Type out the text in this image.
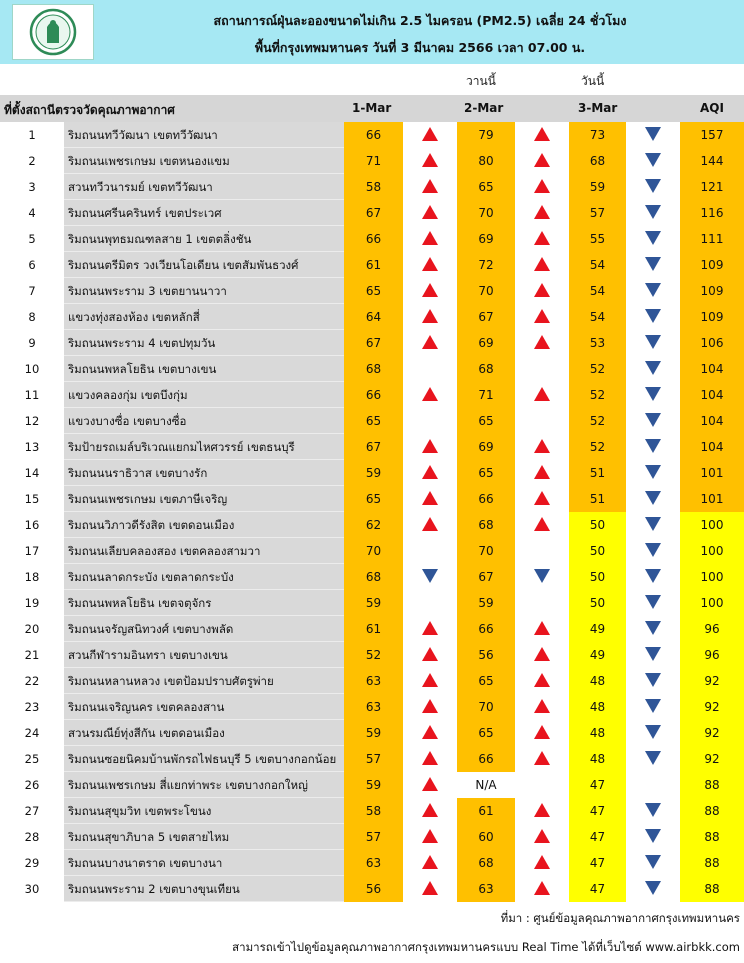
สถานการณ์ฝุ่นละอองขนาดไม่เกิน 2.5 ไมครอน (PM2.5) เฉลี่ย 24 ชั่วโมง
พื้นที่กรุงเทพมหานคร วันที่ 3 มีนาคม 2566 เวลา 07.00 น.
วานนี้	วันนี้
ที่ตั้งสถานีตรวจวัดคุณภาพอากาศ	1-Mar	2-Mar	3-Mar	AQI
1	ริมถนนทวีวัฒนา เขตทวีวัฒนา	66	79	73	157
2	ริมถนนเพชรเกษม เขตหนองแขม	71	80	68	144
3	สวนทวีวนารมย์ เขตทวีวัฒนา	58	65	59	121
4	ริมถนนศรีนครินทร์ เขตประเวศ	67	70	57	116
5	ริมถนนพุทธมณฑลสาย 1 เขตตลิ่งชัน	66	69	55	111
6	ริมถนนตรีมิตร วงเวียนโอเดียน เขตสัมพันธวงศ์	61	72	54	109
7	ริมถนนพระราม 3 เขตยานนาวา	65	70	54	109
8	แขวงทุ่งสองห้อง เขตหลักสี่	64	67	54	109
9	ริมถนนพระราม 4 เขตปทุมวัน	67	69	53	106
10	ริมถนนพหลโยธิน เขตบางเขน	68	68	52	104
11	แขวงคลองกุ่ม เขตบึงกุ่ม	66	71	52	104
12	แขวงบางซื่อ เขตบางซื่อ	65	65	52	104
13	ริมป้ายรถเมล์บริเวณแยกมไหศวรรย์ เขตธนบุรี	67	69	52	104
14	ริมถนนนราธิวาส เขตบางรัก	59	65	51	101
15	ริมถนนเพชรเกษม เขตภาษีเจริญ	65	66	51	101
16	ริมถนนวิภาวดีรังสิต เขตดอนเมือง	62	68	50	100
17	ริมถนนเลียบคลองสอง เขตคลองสามวา	70	70	50	100
18	ริมถนนลาดกระบัง เขตลาดกระบัง	68	67	50	100
19	ริมถนนพหลโยธิน เขตจตุจักร	59	59	50	100
20	ริมถนนจรัญสนิทวงศ์ เขตบางพลัด	61	66	49	96
21	สวนกีฬารามอินทรา เขตบางเขน	52	56	49	96
22	ริมถนนหลานหลวง เขตป้อมปราบศัตรูพ่าย	63	65	48	92
23	ริมถนนเจริญนคร เขตคลองสาน	63	70	48	92
24	สวนรมณีย์ทุ่งสีกัน เขตดอนเมือง	59	65	48	92
25	ริมถนนซอยนิคมบ้านพักรถไฟธนบุรี 5 เขตบางกอกน้อย	57	66	48	92
26	ริมถนนเพชรเกษม สี่แยกท่าพระ เขตบางกอกใหญ่	59	N/A	47	88
27	ริมถนนสุขุมวิท เขตพระโขนง	58	61	47	88
28	ริมถนนสุขาภิบาล 5 เขตสายไหม	57	60	47	88
29	ริมถนนบางนาตราด เขตบางนา	63	68	47	88
30	ริมถนนพระราม 2 เขตบางขุนเทียน	56	63	47	88
ที่มา : ศูนย์ข้อมูลคุณภาพอากาศกรุงเทพมหานคร
สามารถเข้าไปดูข้อมูลคุณภาพอากาศกรุงเทพมหานครแบบ Real Time ได้ที่เว็บไซต์ www.airbkk.com
